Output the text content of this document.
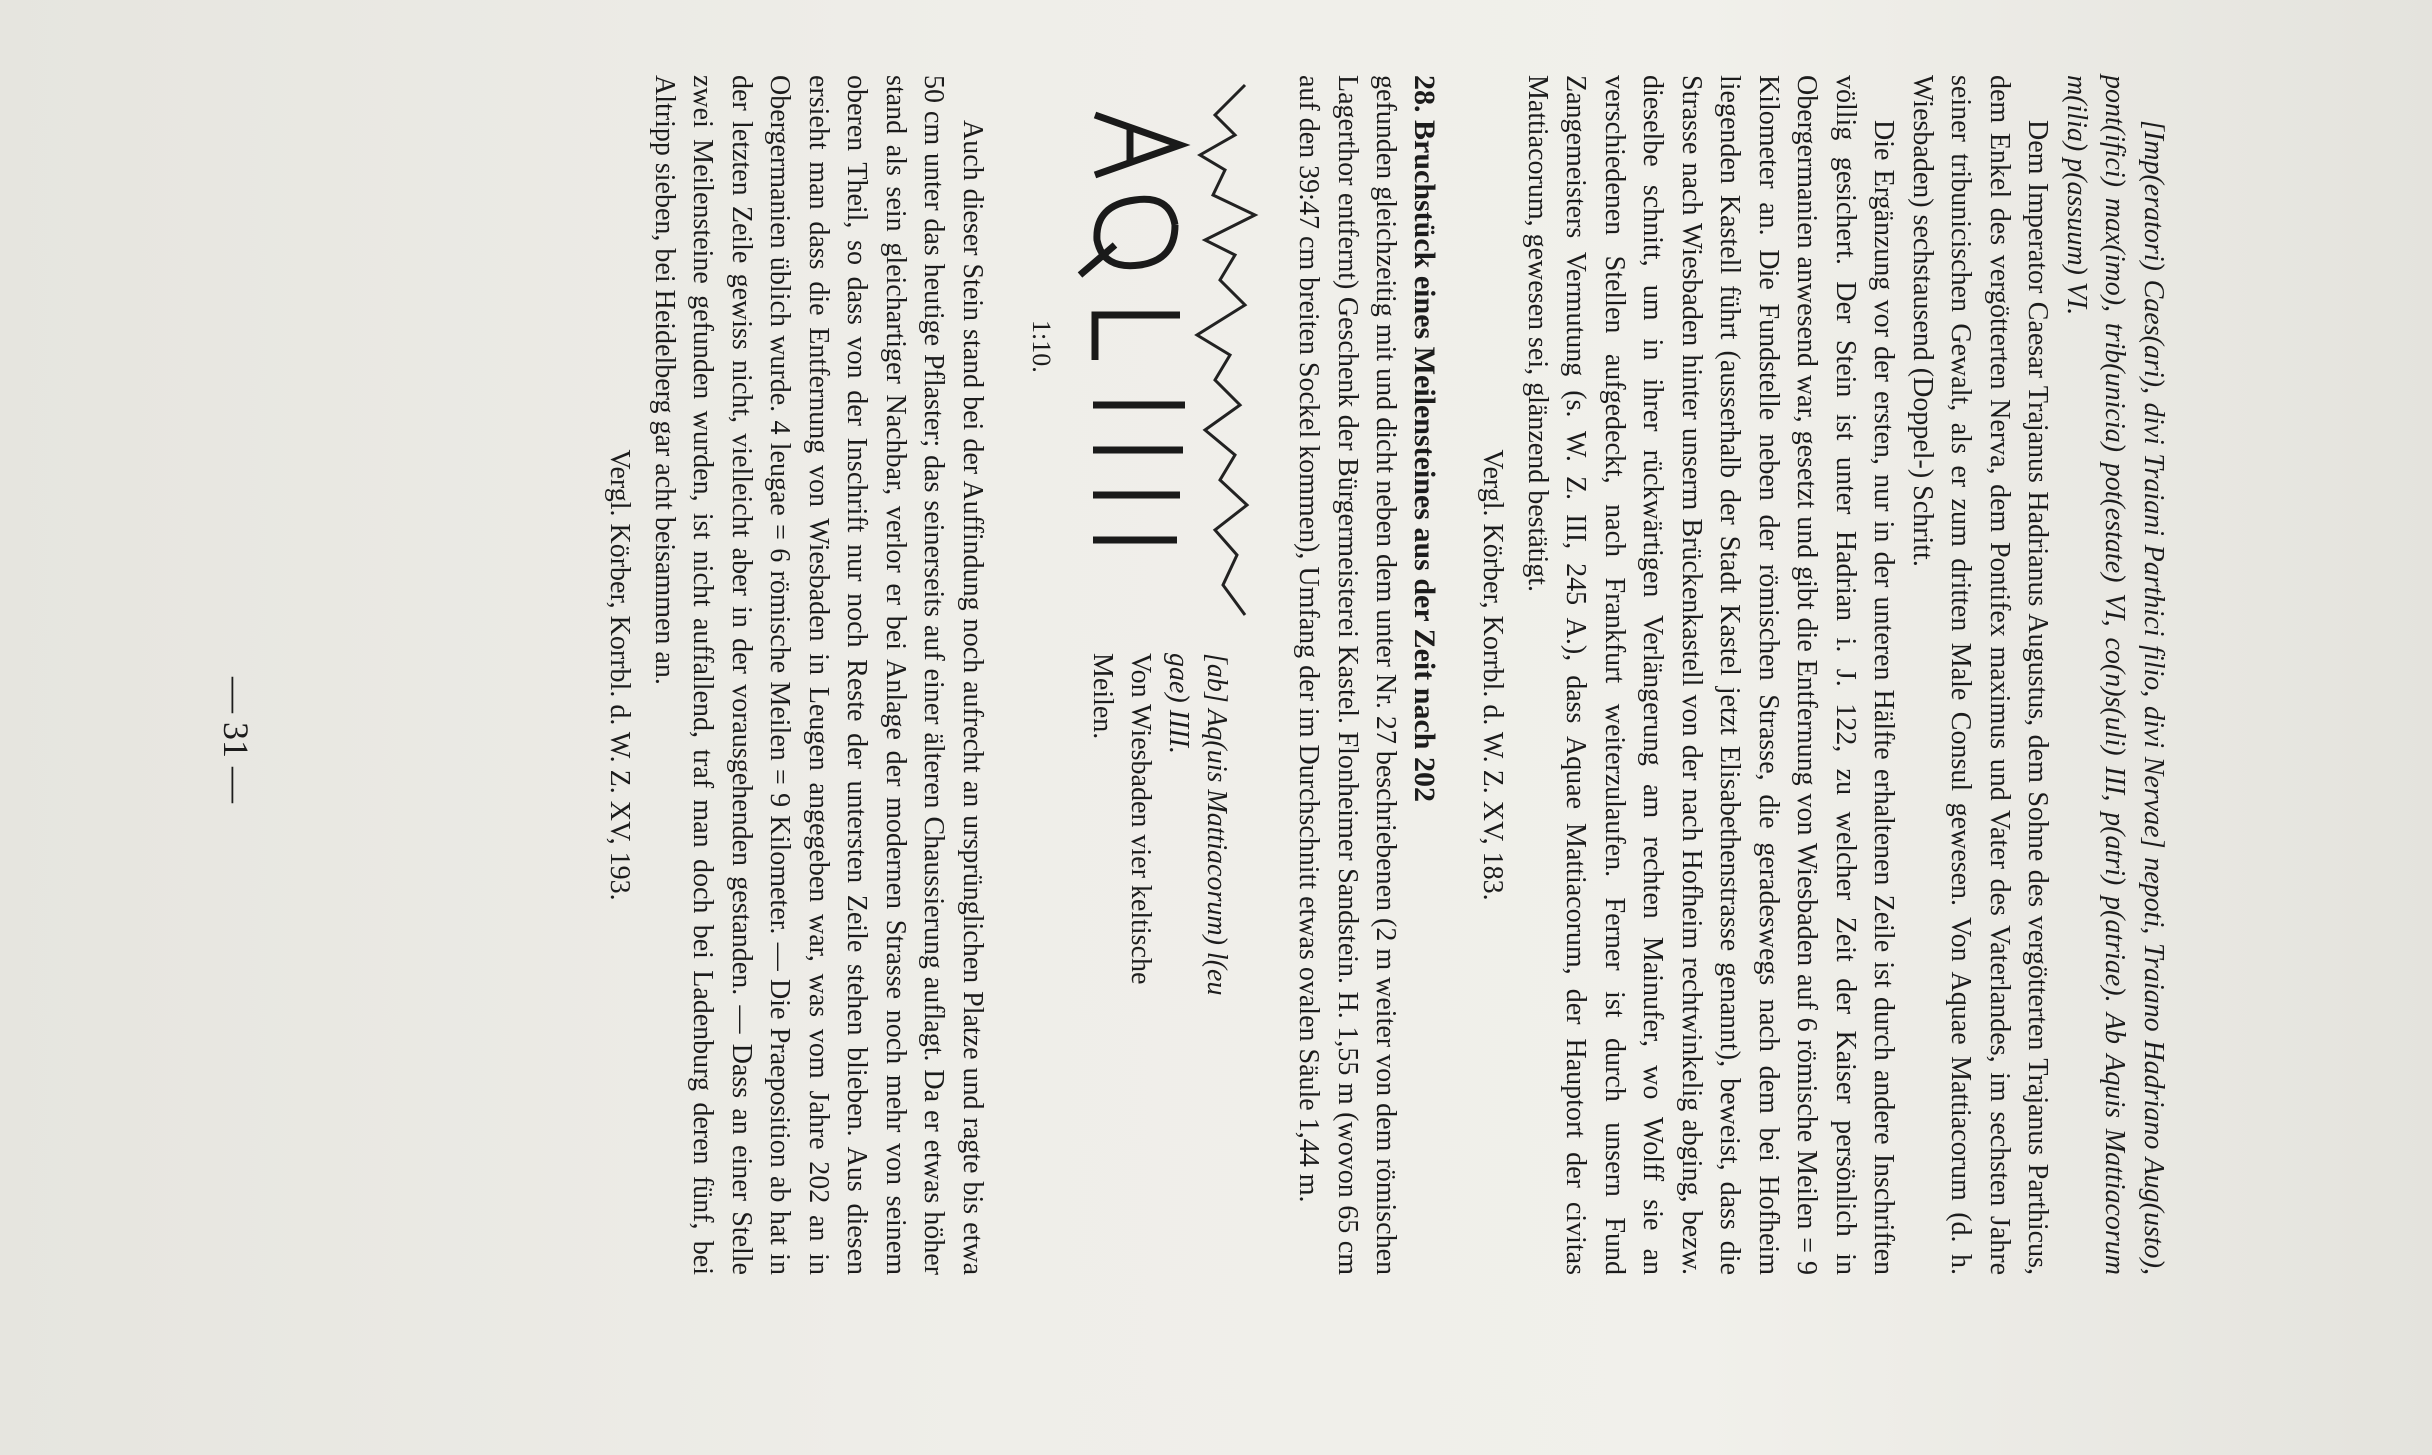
— 31 —	[Imp(eratori) Caes(ari), divi Traiani Parthici filio, divi Nervae] nepoti, Traiano Hadriano Aug(usto), pont(ifici) max(imo), trib(unicia) pot(estate) VI, co(n)s(uli) III, p(atri) p(atriae). Ab Aquis Mattiacorum m(ilia) p(assuum) VI.

Dem Imperator Caesar Trajanus Hadrianus Augustus, dem Sohne des vergötterten Trajanus Parthicus, dem Enkel des vergötterten Nerva, dem Pontifex maximus und Vater des Vaterlandes, im sechsten Jahre seiner tribunicischen Gewalt, als er zum dritten Male Consul gewesen. Von Aquae Mattiacorum (d. h. Wiesbaden) sechstausend (Doppel-) Schritt.

Die Ergänzung vor der ersten, nur in der unteren Hälfte erhaltenen Zeile ist durch andere Inschriften völlig gesichert. Der Stein ist unter Hadrian i. J. 122, zu welcher Zeit der Kaiser persönlich in Obergermanien anwesend war, gesetzt und gibt die Entfernung von Wiesbaden auf 6 römische Meilen = 9 Kilometer an. Die Fundstelle neben der römischen Strasse, die geradeswegs nach dem bei Hofheim liegenden Kastell führt (ausserhalb der Stadt Kastel jetzt Elisabethenstrasse genannt), beweist, dass die Strasse nach Wiesbaden hinter unserm Brückenkastell von der nach Hofheim rechtwinkelig abging, bezw. dieselbe schnitt, um in ihrer rückwärtigen Verlängerung am rechten Mainufer, wo Wolff sie an verschiedenen Stellen aufgedeckt, nach Frankfurt weiterzulaufen. Ferner ist durch unsern Fund Zangemeisters Vermutung (s. W. Z. III, 245 A.), dass Aquae Mattiacorum, der Hauptort der civitas Mattiacorum, gewesen sei, glänzend bestätigt.

Vergl. Körber, Korrbl. d. W. Z. XV, 183.

28. Bruchstück eines Meilensteines aus der Zeit nach 202

gefunden gleichzeitig mit und dicht neben dem unter Nr. 27 beschriebenen (2 m weiter von dem römischen Lagerthor entfernt) Geschenk der Bürgermeisterei Kastel. Flonheimer Sandstein. H. 1,55 m (wovon 65 cm auf den 39:47 cm breiten Sockel kommen), Umfang der im Durchschnitt etwas ovalen Säule 1,44 m.

1:10.
[ab] Aq(uis Mattiacorum) l(eu
gae) IIII.
Von Wiesbaden vier keltische
Meilen.

Auch dieser Stein stand bei der Auffindung noch aufrecht an ursprünglichen Platze und ragte bis etwa 50 cm unter das heutige Pflaster; das seinerseits auf einer älteren Chaussierung auflagt. Da er etwas höher stand als sein gleichartiger Nachbar, verlor er bei Anlage der modernen Strasse noch mehr von seinem oberen Theil, so dass von der Inschrift nur noch Reste der untersten Zeile stehen blieben. Aus diesen ersieht man dass die Entfernung von Wiesbaden in Leugen angegeben war, was vom Jahre 202 an in Obergermanien üblich wurde. 4 leugae = 6 römische Meilen = 9 Kilometer. — Die Praeposition ab hat in der letzten Zeile gewiss nicht, vielleicht aber in der vorausgehenden gestanden. — Dass an einer Stelle zwei Meilensteine gefunden wurden, ist nicht auffallend, traf man doch bei Ladenburg deren fünf, bei Altripp sieben, bei Heidelberg gar acht beisammen an.

Vergl. Körber, Korrbl. d. W. Z. XV, 193.
